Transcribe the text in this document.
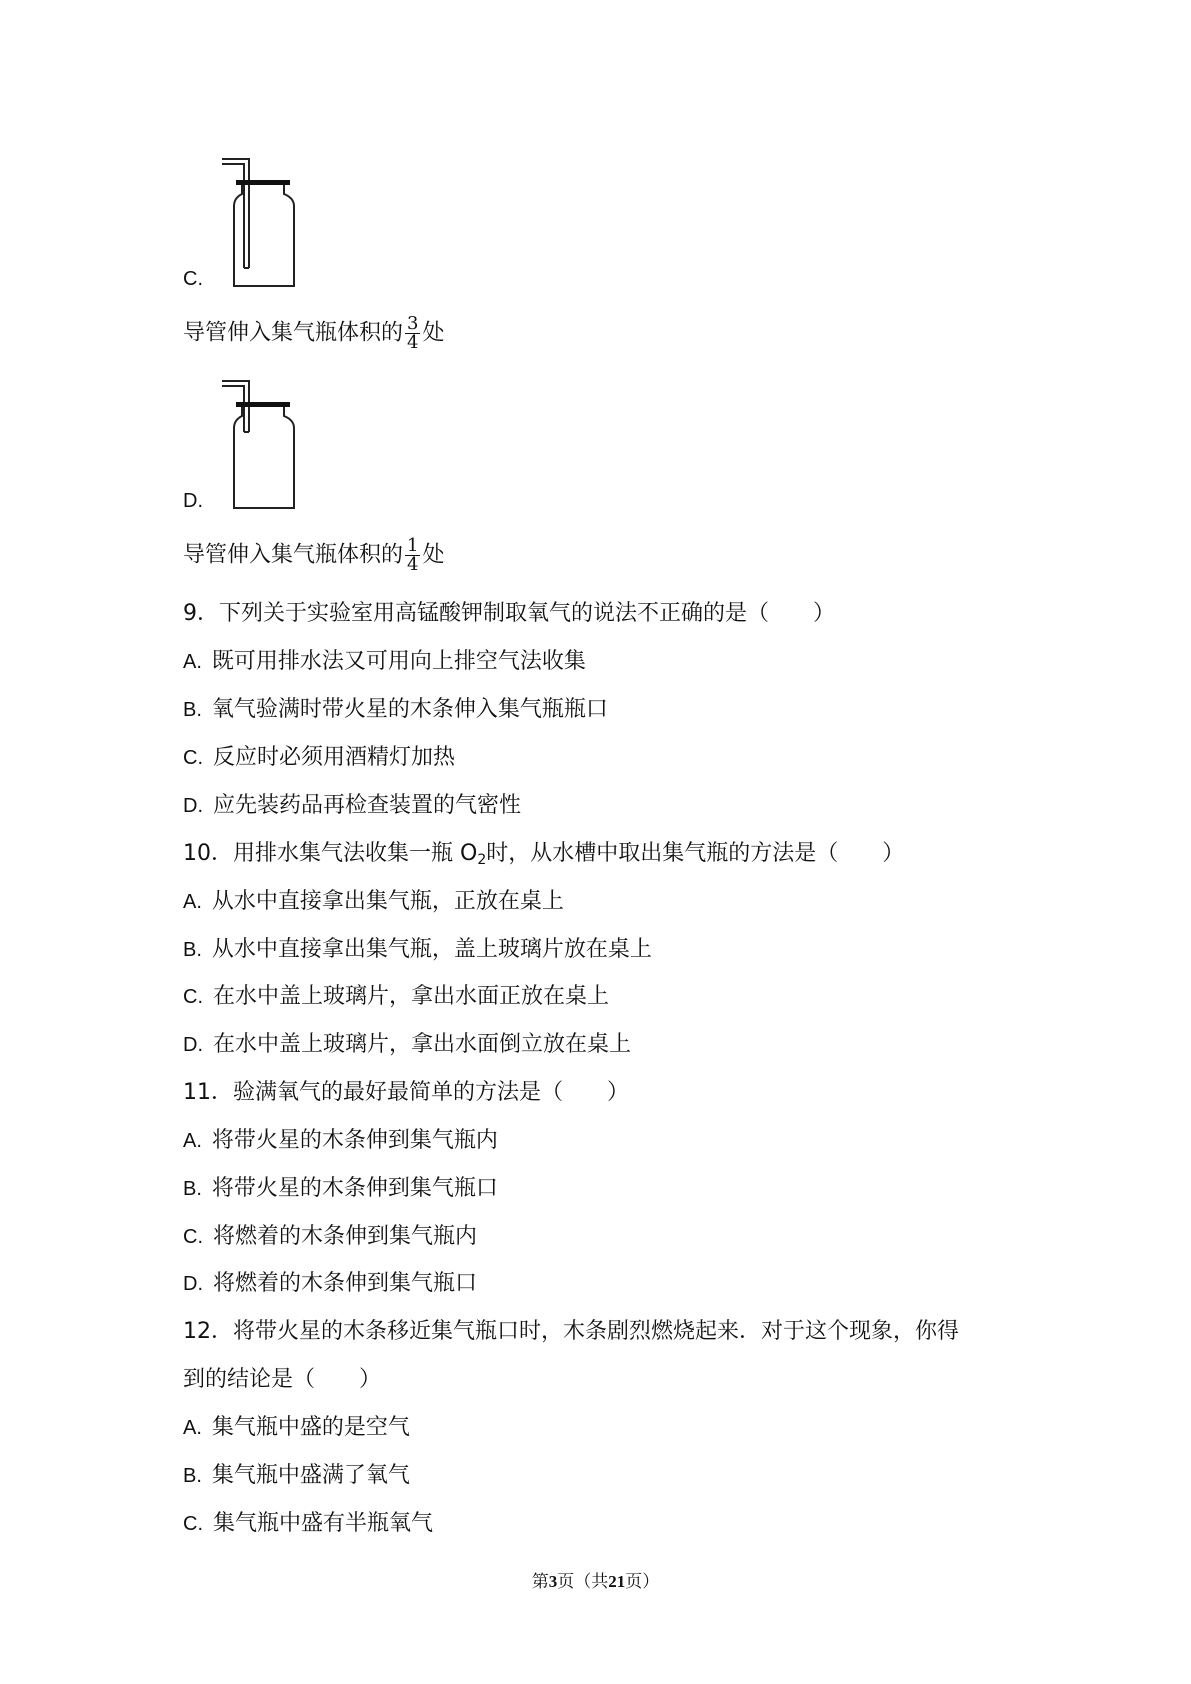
C.
导管伸入集气瓶体积的 $\frac{3}{4}$ 处
D.
导管伸入集气瓶体积的 $\frac{1}{4}$ 处
9．下列关于实验室用高锰酸钾制取氧气的说法不正确的是（　　）
A. 既可用排水法又可用向上排空气法收集
B. 氧气验满时带火星的木条伸入集气瓶瓶口
C. 反应时必须用酒精灯加热
D. 应先装药品再检查装置的气密性
10．用排水集气法收集一瓶 $O_2$时，从水槽中取出集气瓶的方法是（　　）
A. 从水中直接拿出集气瓶，正放在桌上
B. 从水中直接拿出集气瓶，盖上玻璃片放在桌上
C. 在水中盖上玻璃片，拿出水面正放在桌上
D. 在水中盖上玻璃片，拿出水面倒立放在桌上
11．验满氧气的最好最简单的方法是（　　）
A. 将带火星的木条伸到集气瓶内
B. 将带火星的木条伸到集气瓶口
C. 将燃着的木条伸到集气瓶内
D. 将燃着的木条伸到集气瓶口
12．将带火星的木条移近集气瓶口时，木条剧烈燃烧起来．对于这个现象，你得
到的结论是（　　）
A. 集气瓶中盛的是空气
B. 集气瓶中盛满了氧气
C. 集气瓶中盛有半瓶氧气
第3页（共21页）
